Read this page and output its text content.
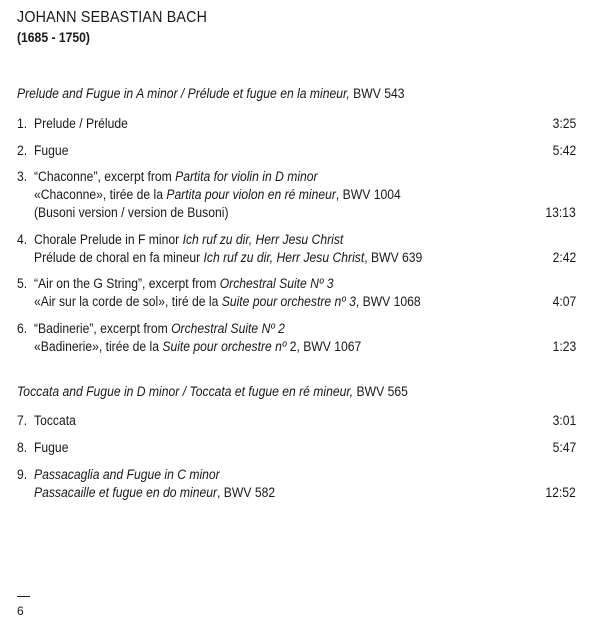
JOHANN SEBASTIAN BACH
(1685 - 1750)
Prelude and Fugue in A minor / Prélude et fugue en la mineur, BWV 543
1. Prelude / Prélude	3:25
2. Fugue	5:42
3. “Chaconne”, excerpt from Partita for violin in D minor
«Chaconne», tirée de la Partita pour violon en ré mineur, BWV 1004
(Busoni version / version de Busoni)	13:13
4. Chorale Prelude in F minor Ich ruf zu dir, Herr Jesu Christ
Prélude de choral en fa mineur Ich ruf zu dir, Herr Jesu Christ, BWV 639	2:42
5. “Air on the G String”, excerpt from Orchestral Suite Nº 3
«Air sur la corde de sol», tiré de la Suite pour orchestre nº 3, BWV 1068	4:07
6. “Badinerie”, excerpt from Orchestral Suite Nº 2
«Badinerie», tirée de la Suite pour orchestre nº 2, BWV 1067	1:23
Toccata and Fugue in D minor / Toccata et fugue en ré mineur, BWV 565
7. Toccata	3:01
8. Fugue	5:47
9. Passacaglia and Fugue in C minor
Passacaille et fugue en do mineur, BWV 582	12:52
6
